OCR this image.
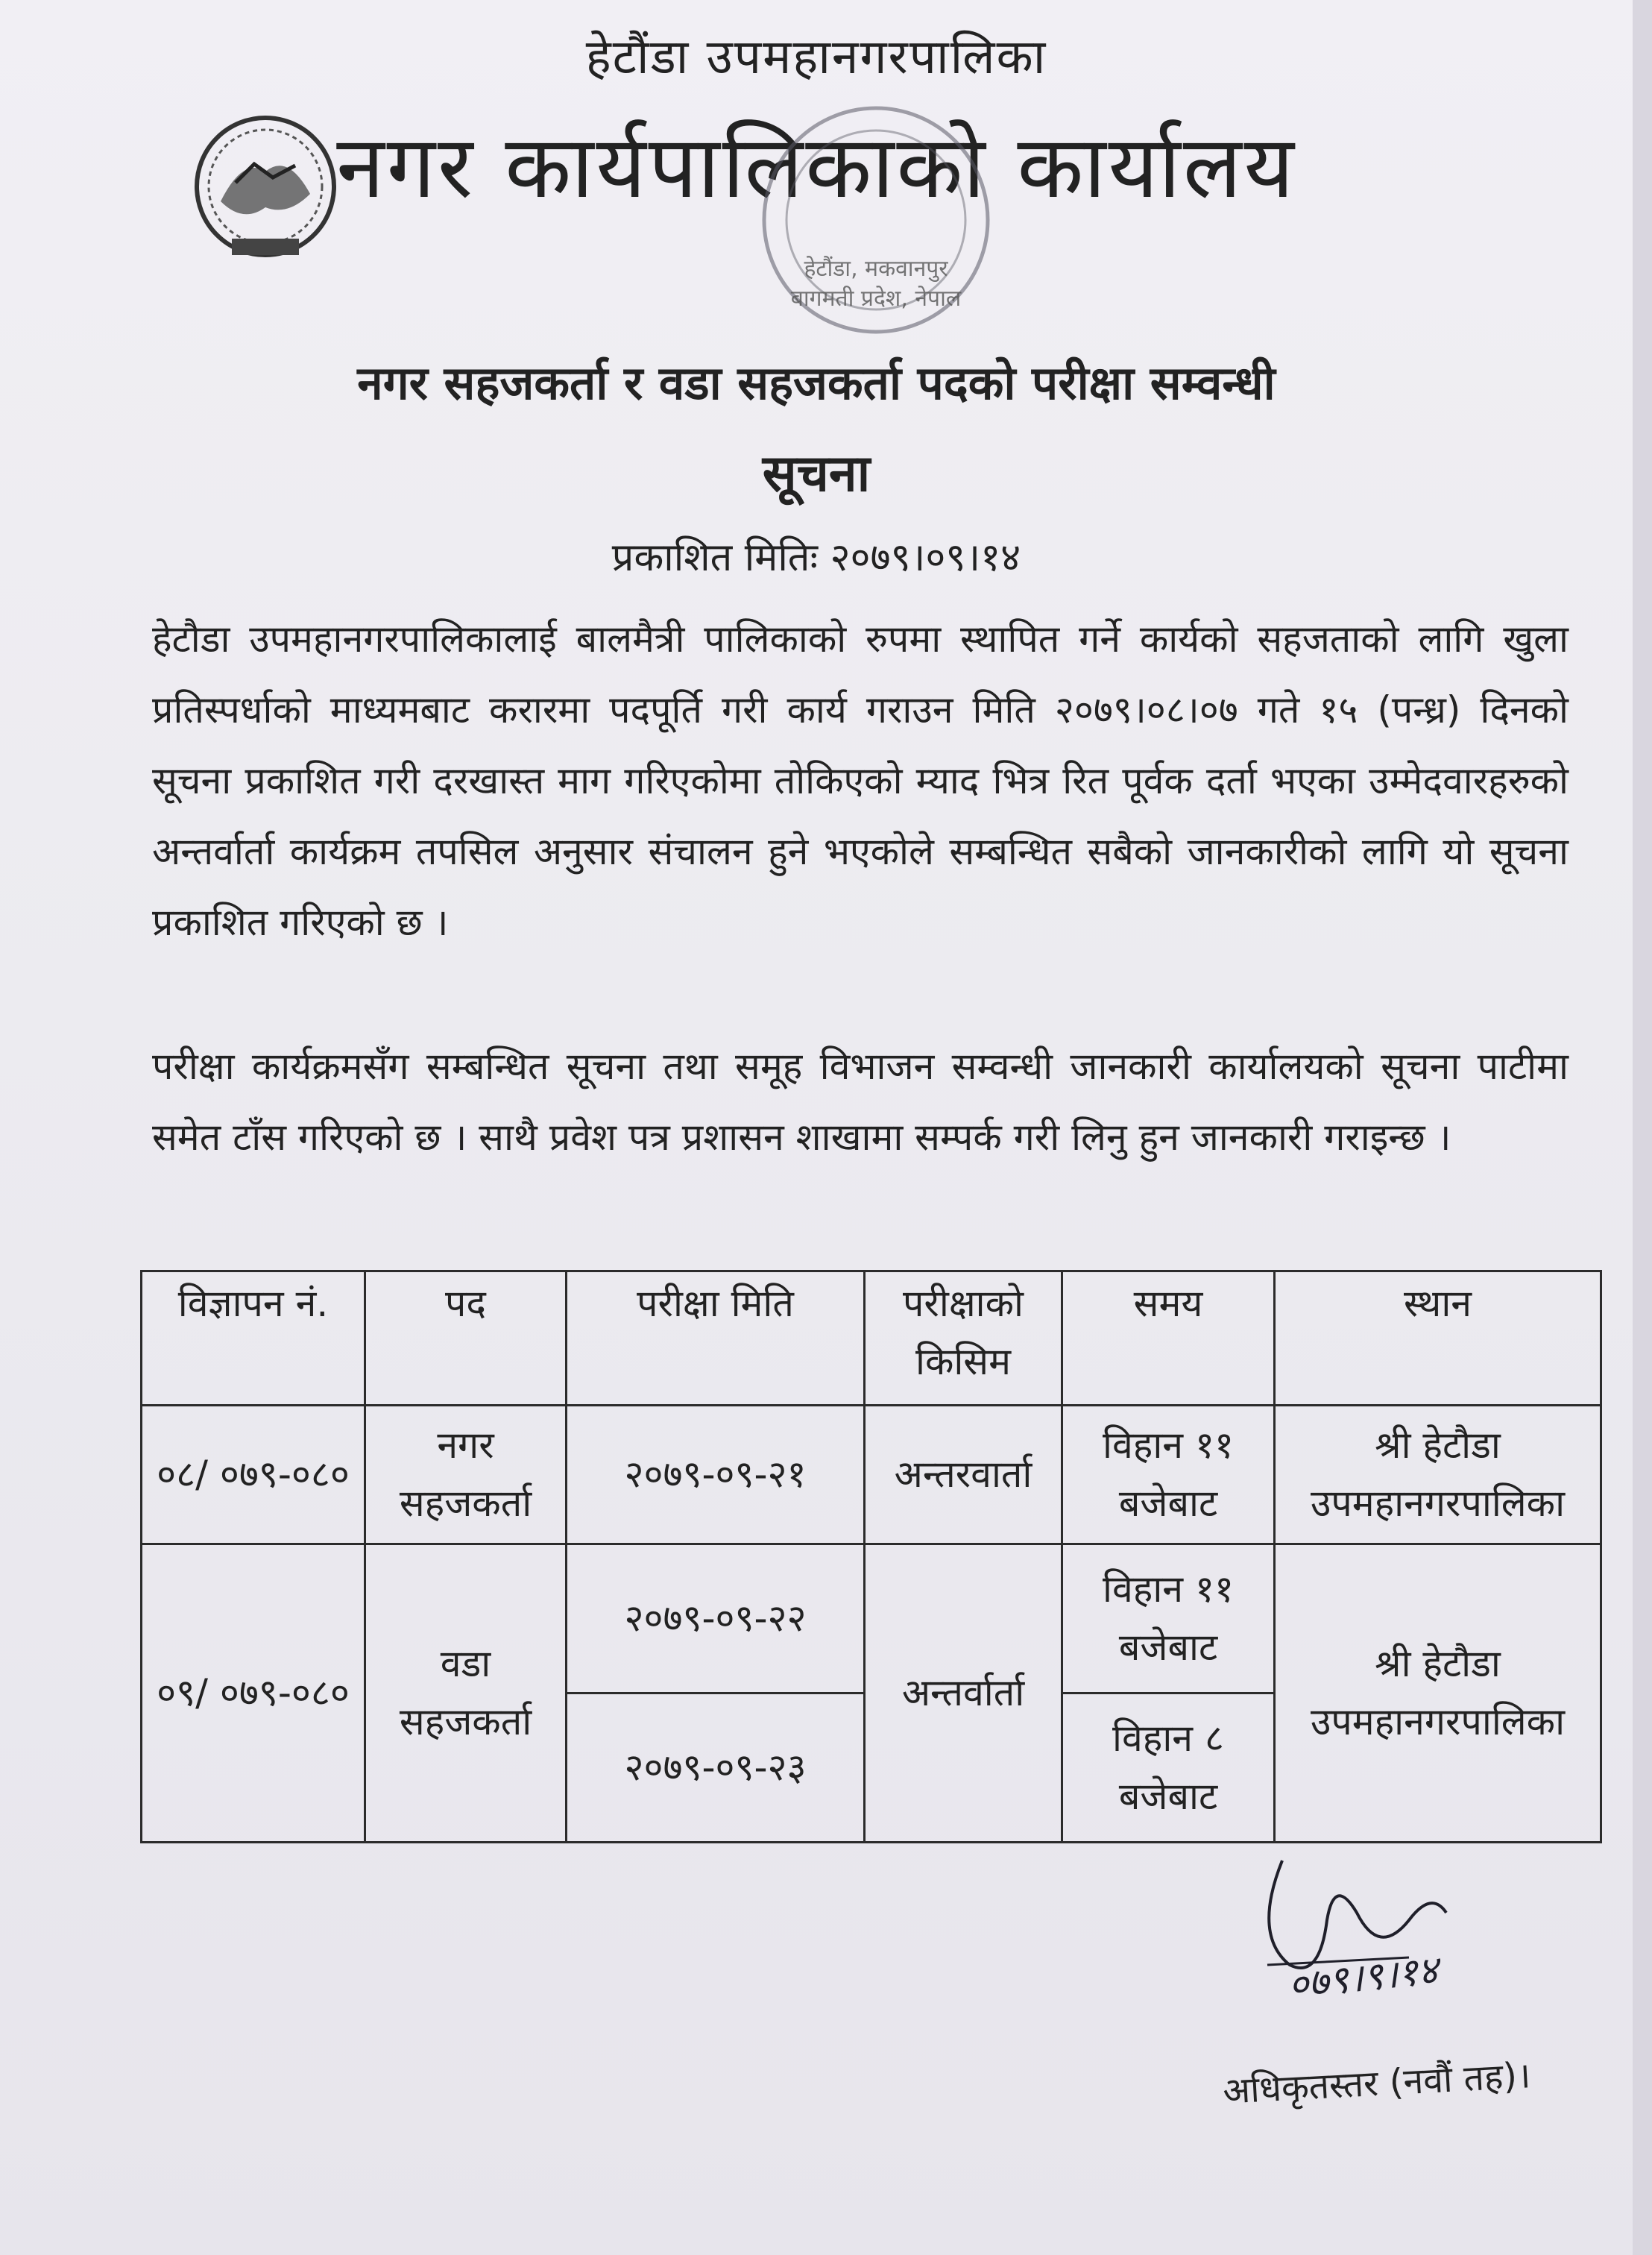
हेटौंडा उपमहानगरपालिका
नगर कार्यपालिकाको कार्यालय
हेटौंडा, मकवानपुर
बागमती प्रदेश, नेपाल
नगर सहजकर्ता र वडा सहजकर्ता पदको परीक्षा सम्वन्धी
सूचना
प्रकाशित मितिः २०७९।०९।१४
हेटौडा उपमहानगरपालिकालाई बालमैत्री पालिकाको रुपमा स्थापित गर्ने कार्यको सहजताको लागि खुला प्रतिस्पर्धाको माध्यमबाट करारमा पदपूर्ति गरी कार्य गराउन मिति २०७९।०८।०७ गते १५ (पन्ध्र) दिनको सूचना प्रकाशित गरी दरखास्त माग गरिएकोमा तोकिएको म्याद भित्र रित पूर्वक दर्ता भएका उम्मेदवारहरुको अन्तर्वार्ता कार्यक्रम तपसिल अनुसार संचालन हुने भएकोले सम्बन्धित सबैको जानकारीको लागि यो सूचना प्रकाशित गरिएको छ ।
परीक्षा कार्यक्रमसँग सम्बन्धित सूचना तथा समूह विभाजन सम्वन्धी जानकारी कार्यालयको सूचना पाटीमा समेत टाँस गरिएको छ । साथै प्रवेश पत्र प्रशासन शाखामा सम्पर्क गरी लिनु हुन जानकारी गराइन्छ ।
विज्ञापन नं.	पद	परीक्षा मिति	परीक्षाको किसिम	समय	स्थान
०८/ ०७९-०८०	नगर सहजकर्ता	२०७९-०९-२१	अन्तरवार्ता	विहान ११ बजेबाट	श्री हेटौडा उपमहानगरपालिका
०९/ ०७९-०८०	वडा सहजकर्ता	२०७९-०९-२२	अन्तर्वार्ता	विहान ११ बजेबाट	श्री हेटौडा उपमहानगरपालिका
		२०७९-०९-२३		विहान ८ बजेबाट	
०७९।९।१४
अधिकृतस्तर (नवौं तह)।
